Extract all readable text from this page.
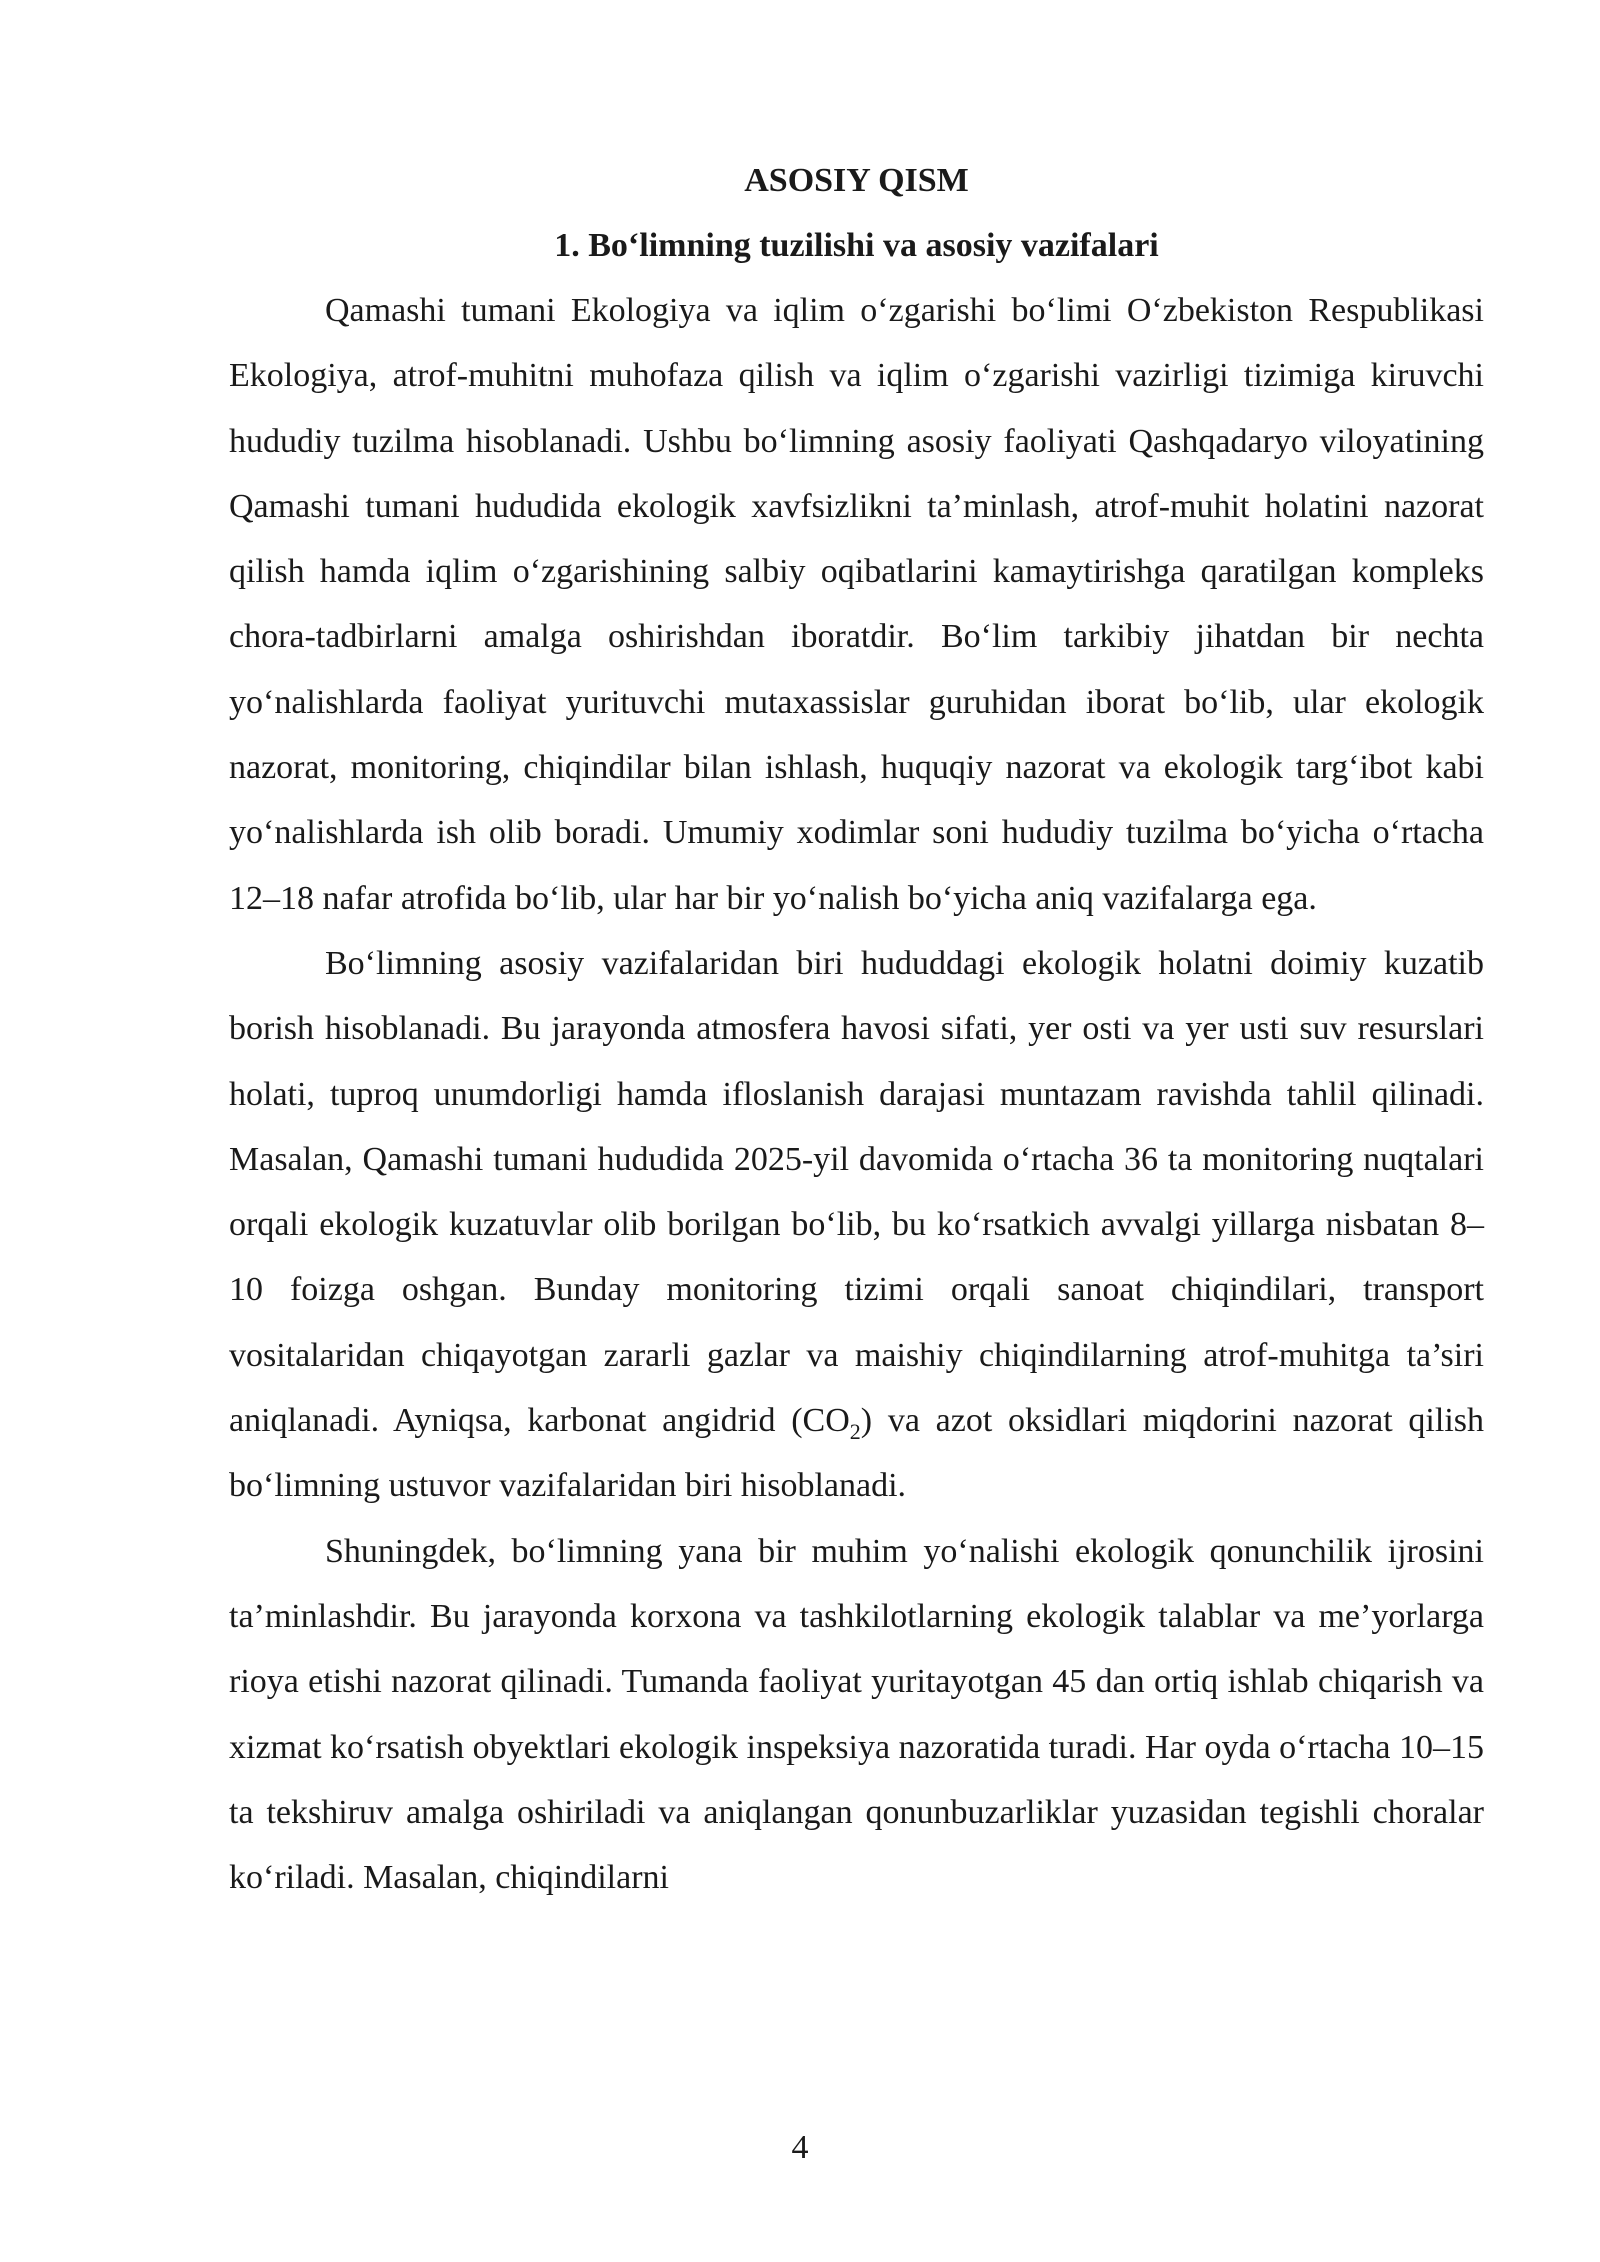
ASOSIY QISM
1. Bo‘limning tuzilishi va asosiy vazifalari

Qamashi tumani Ekologiya va iqlim o‘zgarishi bo‘limi O‘zbekiston Respublikasi Ekologiya, atrof-muhitni muhofaza qilish va iqlim o‘zgarishi vazirligi tizimiga kiruvchi hududiy tuzilma hisoblanadi. Ushbu bo‘limning asosiy faoliyati Qashqadaryo viloyatining Qamashi tumani hududida ekologik xavfsizlikni ta’minlash, atrof-muhit holatini nazorat qilish hamda iqlim o‘zgarishining salbiy oqibatlarini kamaytirishga qaratilgan kompleks chora-tadbirlarni amalga oshirishdan iboratdir. Bo‘lim tarkibiy jihatdan bir nechta yo‘nalishlarda faoliyat yurituvchi mutaxassislar guruhidan iborat bo‘lib, ular ekologik nazorat, monitoring, chiqindilar bilan ishlash, huquqiy nazorat va ekologik targ‘ibot kabi yo‘nalishlarda ish olib boradi. Umumiy xodimlar soni hududiy tuzilma bo‘yicha o‘rtacha 12–18 nafar atrofida bo‘lib, ular har bir yo‘nalish bo‘yicha aniq vazifalarga ega.

Bo‘limning asosiy vazifalaridan biri hududdagi ekologik holatni doimiy kuzatib borish hisoblanadi. Bu jarayonda atmosfera havosi sifati, yer osti va yer usti suv resurslari holati, tuproq unumdorligi hamda ifloslanish darajasi muntazam ravishda tahlil qilinadi. Masalan, Qamashi tumani hududida 2025-yil davomida o‘rtacha 36 ta monitoring nuqtalari orqali ekologik kuzatuvlar olib borilgan bo‘lib, bu ko‘rsatkich avvalgi yillarga nisbatan 8–10 foizga oshgan. Bunday monitoring tizimi orqali sanoat chiqindilari, transport vositalaridan chiqayotgan zararli gazlar va maishiy chiqindilarning atrof-muhitga ta’siri aniqlanadi. Ayniqsa, karbonat angidrid $(CO_2)$ va azot oksidlari miqdorini nazorat qilish bo‘limning ustuvor vazifalaridan biri hisoblanadi.

Shuningdek, bo‘limning yana bir muhim yo‘nalishi ekologik qonunchilik ijrosini ta’minlashdir. Bu jarayonda korxona va tashkilotlarning ekologik talablar va me’yorlarga rioya etishi nazorat qilinadi. Tumanda faoliyat yuritayotgan 45 dan ortiq ishlab chiqarish va xizmat ko‘rsatish obyektlari ekologik inspeksiya nazoratida turadi. Har oyda o‘rtacha 10–15 ta tekshiruv amalga oshiriladi va aniqlangan qonunbuzarliklar yuzasidan tegishli choralar ko‘riladi. Masalan, chiqindilarni

4
